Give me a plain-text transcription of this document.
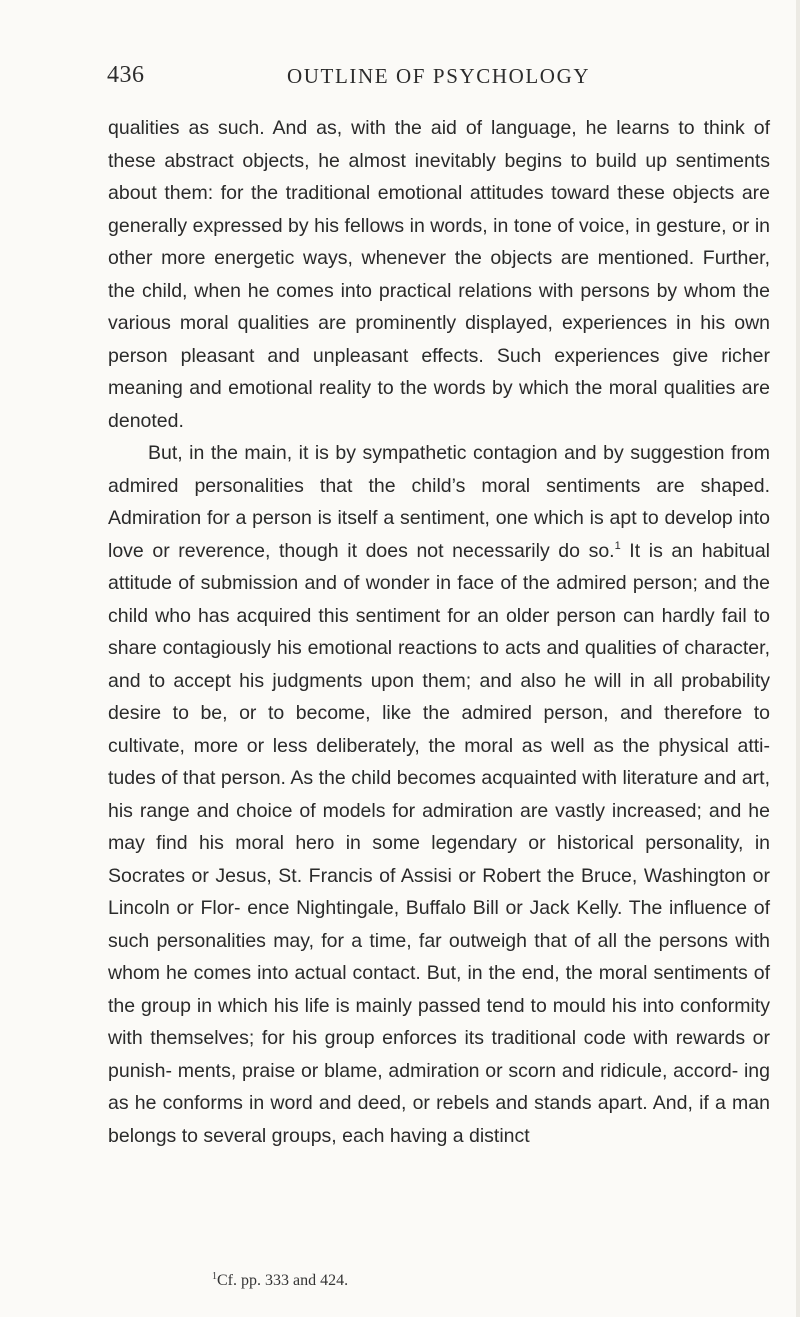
436	OUTLINE OF PSYCHOLOGY

qualities as such. And as, with the aid of language, he learns to think of these abstract objects, he almost inevitably begins to build up sentiments about them: for the traditional emotional attitudes toward these objects are generally expressed by his fellows in words, in tone of voice, in gesture, or in other more energetic ways, whenever the objects are mentioned. Further, the child, when he comes into practical relations with persons by whom the various moral qualities are prominently displayed, experiences in his own person pleasant and unpleasant effects. Such experiences give richer meaning and emotional reality to the words by which the moral qualities are denoted.

But, in the main, it is by sympathetic contagion and by suggestion from admired personalities that the child’s moral sentiments are shaped. Admiration for a person is itself a sentiment, one which is apt to develop into love or reverence, though it does not necessarily do so.$^1$ It is an habitual attitude of submission and of wonder in face of the admired person; and the child who has acquired this sentiment for an older person can hardly fail to share contagiously his emotional reactions to acts and qualities of character, and to accept his judgments upon them; and also he will in all probability desire to be, or to become, like the admired person, and therefore to cultivate, more or less deliberately, the moral as well as the physical atti- tudes of that person. As the child becomes acquainted with literature and art, his range and choice of models for admiration are vastly increased; and he may find his moral hero in some legendary or historical personality, in Socrates or Jesus, St. Francis of Assisi or Robert the Bruce, Washington or Lincoln or Flor- ence Nightingale, Buffalo Bill or Jack Kelly. The influence of such personalities may, for a time, far outweigh that of all the persons with whom he comes into actual contact. But, in the end, the moral sentiments of the group in which his life is mainly passed tend to mould his into conformity with themselves; for his group enforces its traditional code with rewards or punish- ments, praise or blame, admiration or scorn and ridicule, accord- ing as he conforms in word and deed, or rebels and stands apart. And, if a man belongs to several groups, each having a distinct

$^1$Cf. pp. 333 and 424.
